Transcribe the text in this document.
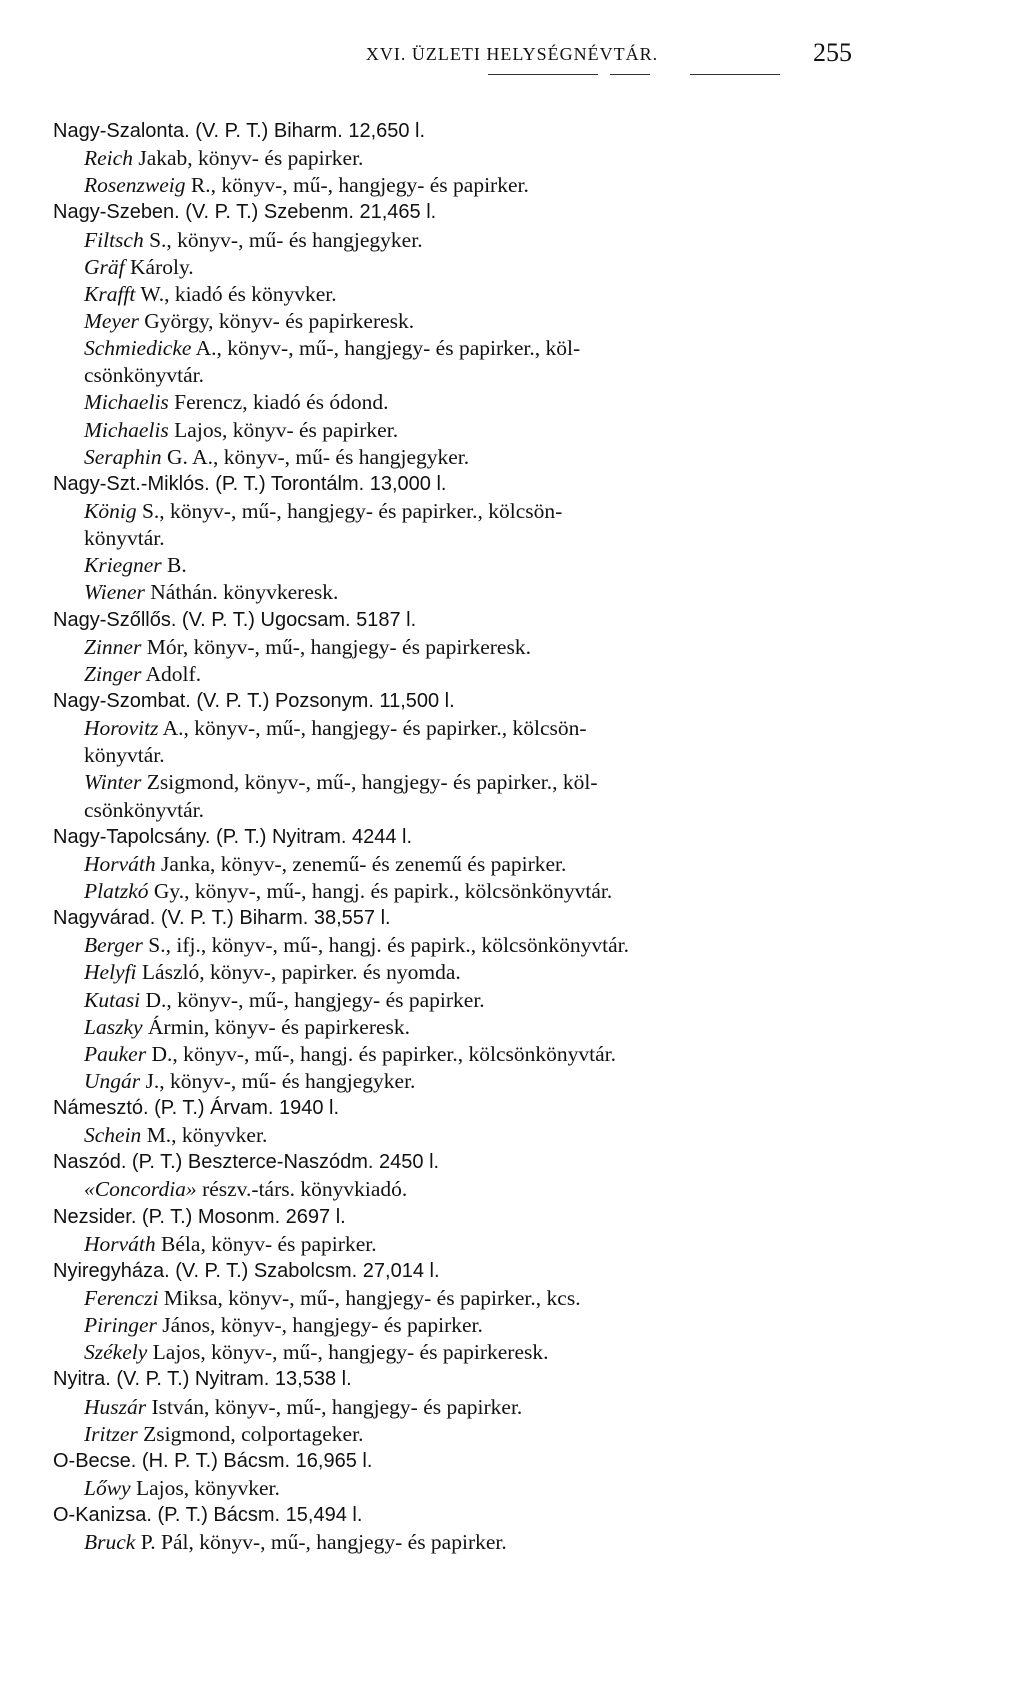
XVI. ÜZLETI HELYSÉGNÉVTÁR.	255
Nagy-Szalonta. (V. P. T.) Biharm. 12,650 l.
Reich Jakab, könyv- és papirker.
Rosenzweig R., könyv-, mű-, hangjegy- és papirker.
Nagy-Szeben. (V. P. T.) Szebenm. 21,465 l.
Filtsch S., könyv-, mű- és hangjegyker.
Gräf Károly.
Krafft W., kiadó és könyvker.
Meyer György, könyv- és papirkeresk.
Schmiedicke A., könyv-, mű-, hangjegy- és papirker., köl-
csönkönyvtár.
Michaelis Ferencz, kiadó és ódond.
Michaelis Lajos, könyv- és papirker.
Seraphin G. A., könyv-, mű- és hangjegyker.
Nagy-Szt.-Miklós. (P. T.) Torontálm. 13,000 l.
König S., könyv-, mű-, hangjegy- és papirker., kölcsön-
könyvtár.
Kriegner B.
Wiener Náthán. könyvkeresk.
Nagy-Szőllős. (V. P. T.) Ugocsam. 5187 l.
Zinner Mór, könyv-, mű-, hangjegy- és papirkeresk.
Zinger Adolf.
Nagy-Szombat. (V. P. T.) Pozsonym. 11,500 l.
Horovitz A., könyv-, mű-, hangjegy- és papirker., kölcsön-
könyvtár.
Winter Zsigmond, könyv-, mű-, hangjegy- és papirker., köl-
csönkönyvtár.
Nagy-Tapolcsány. (P. T.) Nyitram. 4244 l.
Horváth Janka, könyv-, zenemű- és zenemű és papirker.
Platzkó Gy., könyv-, mű-, hangj. és papirk., kölcsönkönyvtár.
Nagyvárad. (V. P. T.) Biharm. 38,557 l.
Berger S., ifj., könyv-, mű-, hangj. és papirk., kölcsönkönyvtár.
Helyfi László, könyv-, papirker. és nyomda.
Kutasi D., könyv-, mű-, hangjegy- és papirker.
Laszky Ármin, könyv- és papirkeresk.
Pauker D., könyv-, mű-, hangj. és papirker., kölcsönkönyvtár.
Ungár J., könyv-, mű- és hangjegyker.
Námesztó. (P. T.) Árvam. 1940 l.
Schein M., könyvker.
Naszód. (P. T.) Beszterce-Naszódm. 2450 l.
«Concordia» részv.-társ. könyvkiadó.
Nezsider. (P. T.) Mosonm. 2697 l.
Horváth Béla, könyv- és papirker.
Nyiregyháza. (V. P. T.) Szabolcsm. 27,014 l.
Ferenczi Miksa, könyv-, mű-, hangjegy- és papirker., kcs.
Piringer János, könyv-, hangjegy- és papirker.
Székely Lajos, könyv-, mű-, hangjegy- és papirkeresk.
Nyitra. (V. P. T.) Nyitram. 13,538 l.
Huszár István, könyv-, mű-, hangjegy- és papirker.
Iritzer Zsigmond, colportageker.
O-Becse. (H. P. T.) Bácsm. 16,965 l.
Lőwy Lajos, könyvker.
O-Kanizsa. (P. T.) Bácsm. 15,494 l.
Bruck P. Pál, könyv-, mű-, hangjegy- és papirker.
